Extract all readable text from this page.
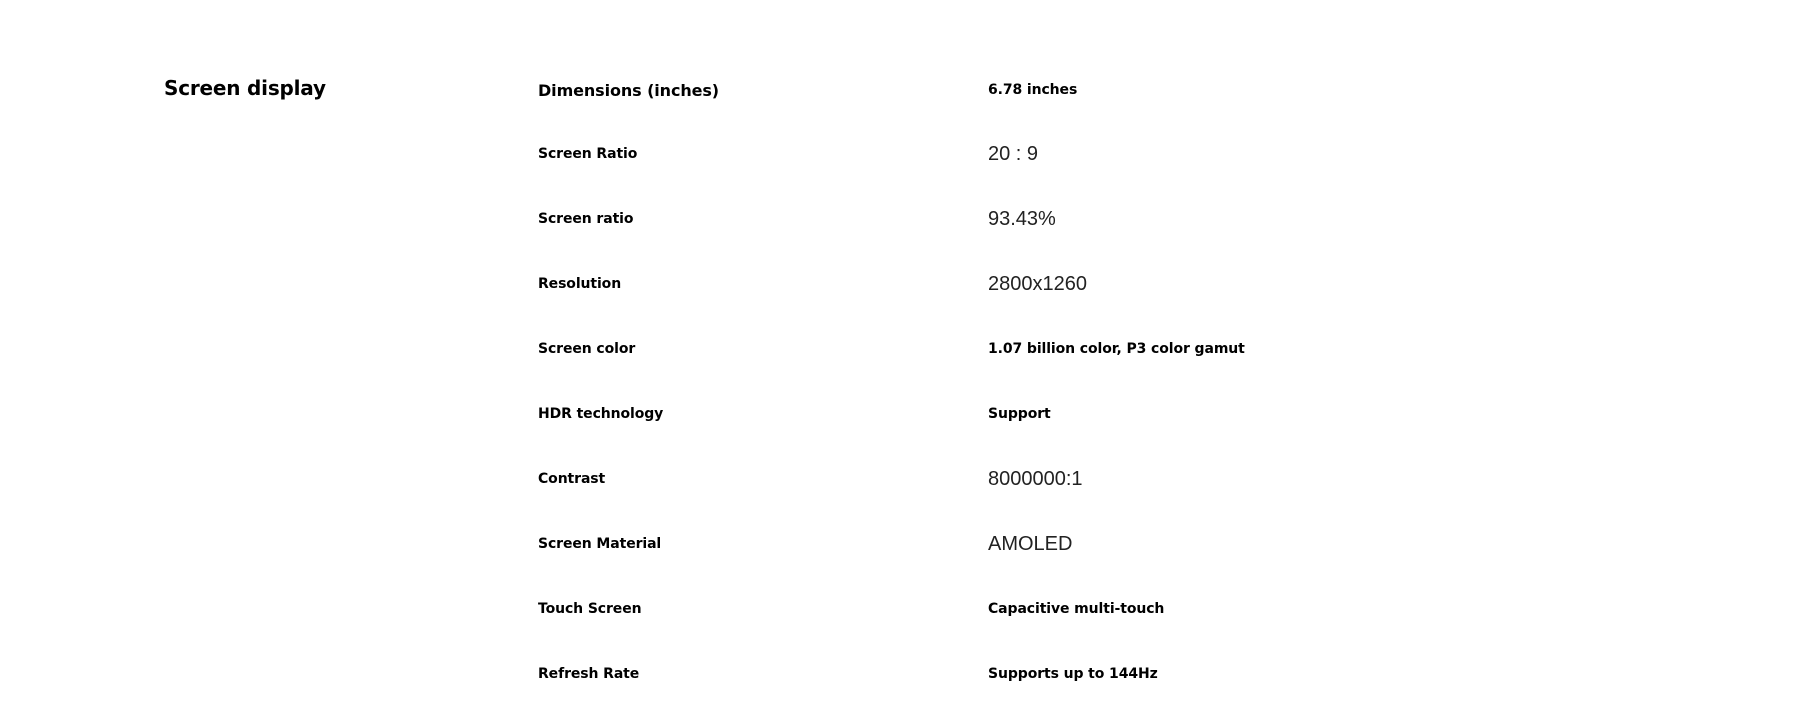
Screen display	Dimensions (inches)	6.78 inches
Screen Ratio	20 : 9
Screen ratio	93.43%
Resolution	2800x1260
Screen color	1.07 billion color, P3 color gamut
HDR technology	Support
Contrast	8000000:1
Screen Material	AMOLED
Touch Screen	Capacitive multi-touch
Refresh Rate	Supports up to 144Hz
